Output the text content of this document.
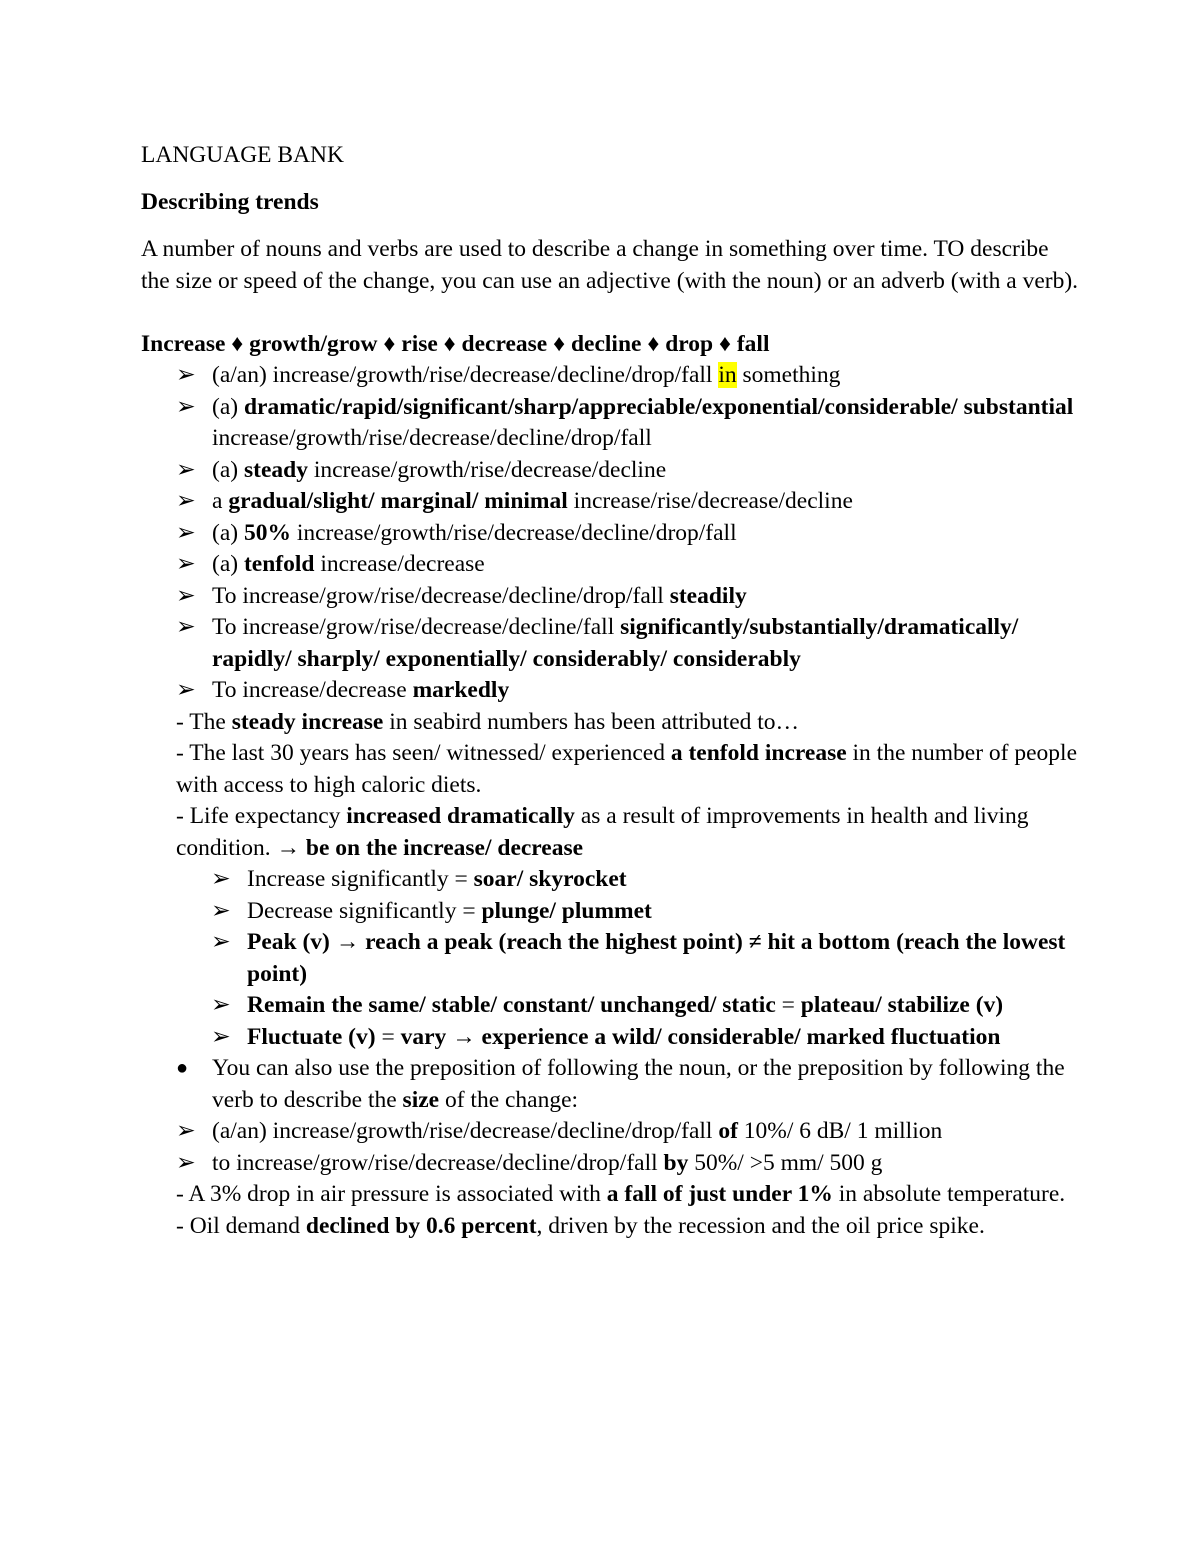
LANGUAGE BANK

Describing trends

A number of nouns and verbs are used to describe a change in something over time. TO describe the size or speed of the change, you can use an adjective (with the noun) or an adverb (with a verb).

Increase ♦ growth/grow ♦ rise ♦ decrease ♦ decline ♦ drop ♦ fall

➢ (a/an) increase/growth/rise/decrease/decline/drop/fall in something
➢ (a) dramatic/rapid/significant/sharp/appreciable/exponential/considerable/ substantial increase/growth/rise/decrease/decline/drop/fall
➢ (a) steady increase/growth/rise/decrease/decline
➢ a gradual/slight/ marginal/ minimal increase/rise/decrease/decline
➢ (a) 50% increase/growth/rise/decrease/decline/drop/fall
➢ (a) tenfold increase/decrease
➢ To increase/grow/rise/decrease/decline/drop/fall steadily
➢ To increase/grow/rise/decrease/decline/fall significantly/substantially/dramatically/ rapidly/ sharply/ exponentially/ considerably/ considerably
➢ To increase/decrease markedly

- The steady increase in seabird numbers has been attributed to…

- The last 30 years has seen/ witnessed/ experienced a tenfold increase in the number of people with access to high caloric diets.

- Life expectancy increased dramatically as a result of improvements in health and living condition. → be on the increase/ decrease

➢ Increase significantly = soar/ skyrocket
➢ Decrease significantly = plunge/ plummet
➢ Peak (v) → reach a peak (reach the highest point) ≠ hit a bottom (reach the lowest point)
➢ Remain the same/ stable/ constant/ unchanged/ static = plateau/ stabilize (v)
➢ Fluctuate (v) = vary → experience a wild/ considerable/ marked fluctuation

● You can also use the preposition of following the noun, or the preposition by following the verb to describe the size of the change:

➢ (a/an) increase/growth/rise/decrease/decline/drop/fall of 10%/ 6 dB/ 1 million
➢ to increase/grow/rise/decrease/decline/drop/fall by 50%/ >5 mm/ 500 g

- A 3% drop in air pressure is associated with a fall of just under 1% in absolute temperature.

- Oil demand declined by 0.6 percent, driven by the recession and the oil price spike.
